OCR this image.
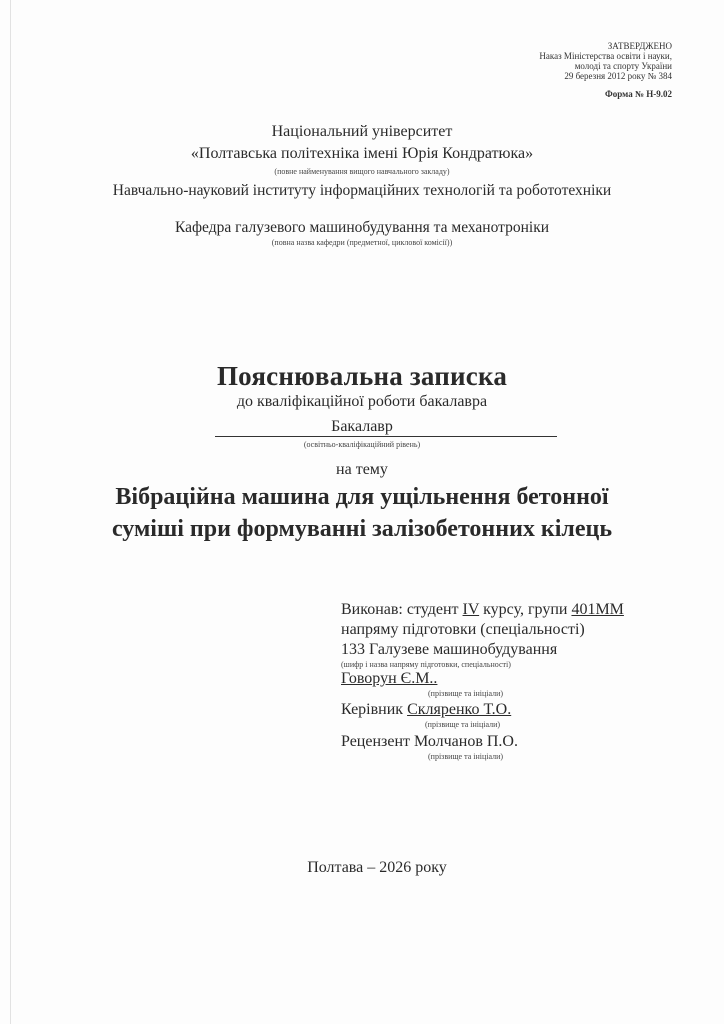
ЗАТВЕРДЖЕНО
Наказ Міністерства освіти і науки,
молоді та спорту України
29 березня 2012 року № 384
Форма № Н-9.02
Національний університет
«Полтавська політехніка імені Юрія Кондратюка»
(повне найменування вищого навчального закладу)
Навчально-науковий інституту інформаційних технологій та робототехніки
Кафедра галузевого машинобудування та механотроніки
(повна назва кафедри (предметної, циклової комісії))
Пояснювальна записка
до кваліфікаційної роботи бакалавра
Бакалавр
(освітньо-кваліфікаційний рівень)
на тему
Вібраційна машина для ущільнення бетонної
суміші при формуванні залізобетонних кілець
Виконав: студент IV курсу, групи 401ММ
напряму підготовки (спеціальності)
133 Галузеве машинобудування
(шифр і назва напряму підготовки, спеціальності)
Говорун Є.М..
(прізвище та ініціали)
Керівник Скляренко Т.О.
(прізвище та ініціали)
Рецензент Молчанов П.О.
(прізвище та ініціали)
Полтава – 2026 року
